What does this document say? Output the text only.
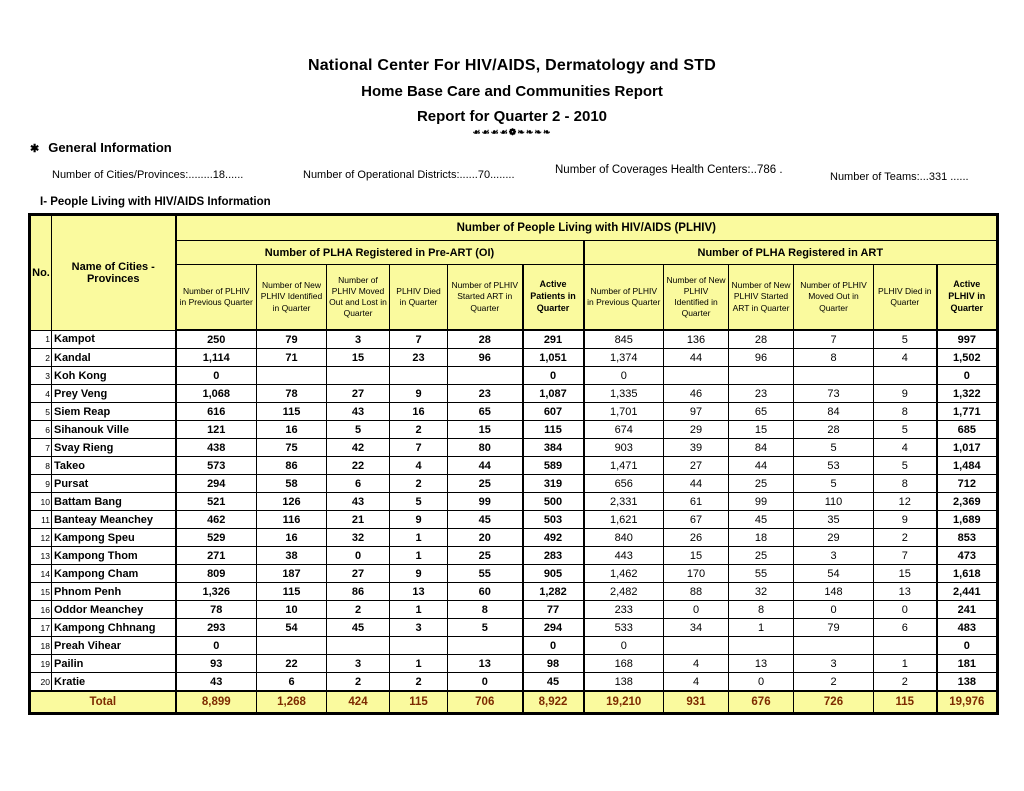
National Center For HIV/AIDS, Dermatology and STD
Home Base Care and Communities Report
Report for Quarter 2 - 2010
☙☙☙☙❁❧❧❧❧
✱ General Information
Number of Cities/Provinces:........18......	Number of Operational Districts:......70........	Number of Coverages Health Centers:..786 .
Number of Teams:...331 ......
I- People Living with HIV/AIDS Information
No.	Name of Cities - Provinces	Number of People Living with HIV/AIDS (PLHIV)											
		Number of PLHA Registered in Pre-ART (OI)						Number of PLHA Registered in ART					
		Number of PLHIV in Previous Quarter	Number of New PLHIV Identified in Quarter	Number of PLHIV Moved Out and Lost in Quarter	PLHIV Died in Quarter	Number of PLHIV Started ART in Quarter	Active Patients in Quarter	Number of PLHIV in Previous Quarter	Number of New PLHIV Identified in Quarter	Number of New PLHIV Started ART in Quarter	Number of PLHIV Moved Out in Quarter	PLHIV Died in Quarter	Active PLHIV in Quarter
1	Kampot	250	79	3	7	28	291	845	136	28	7	5	997
2	Kandal	1,114	71	15	23	96	1,051	1,374	44	96	8	4	1,502
3	Koh Kong	0					0	0					0
4	Prey Veng	1,068	78	27	9	23	1,087	1,335	46	23	73	9	1,322
5	Siem Reap	616	115	43	16	65	607	1,701	97	65	84	8	1,771
6	Sihanouk Ville	121	16	5	2	15	115	674	29	15	28	5	685
7	Svay Rieng	438	75	42	7	80	384	903	39	84	5	4	1,017
8	Takeo	573	86	22	4	44	589	1,471	27	44	53	5	1,484
9	Pursat	294	58	6	2	25	319	656	44	25	5	8	712
10	Battam Bang	521	126	43	5	99	500	2,331	61	99	110	12	2,369
11	Banteay Meanchey	462	116	21	9	45	503	1,621	67	45	35	9	1,689
12	Kampong Speu	529	16	32	1	20	492	840	26	18	29	2	853
13	Kampong Thom	271	38	0	1	25	283	443	15	25	3	7	473
14	Kampong Cham	809	187	27	9	55	905	1,462	170	55	54	15	1,618
15	Phnom Penh	1,326	115	86	13	60	1,282	2,482	88	32	148	13	2,441
16	Oddor Meanchey	78	10	2	1	8	77	233	0	8	0	0	241
17	Kampong Chhnang	293	54	45	3	5	294	533	34	1	79	6	483
18	Preah Vihear	0					0	0					0
19	Pailin	93	22	3	1	13	98	168	4	13	3	1	181
20	Kratie	43	6	2	2	0	45	138	4	0	2	2	138
Total		8,899	1,268	424	115	706	8,922	19,210	931	676	726	115	19,976
